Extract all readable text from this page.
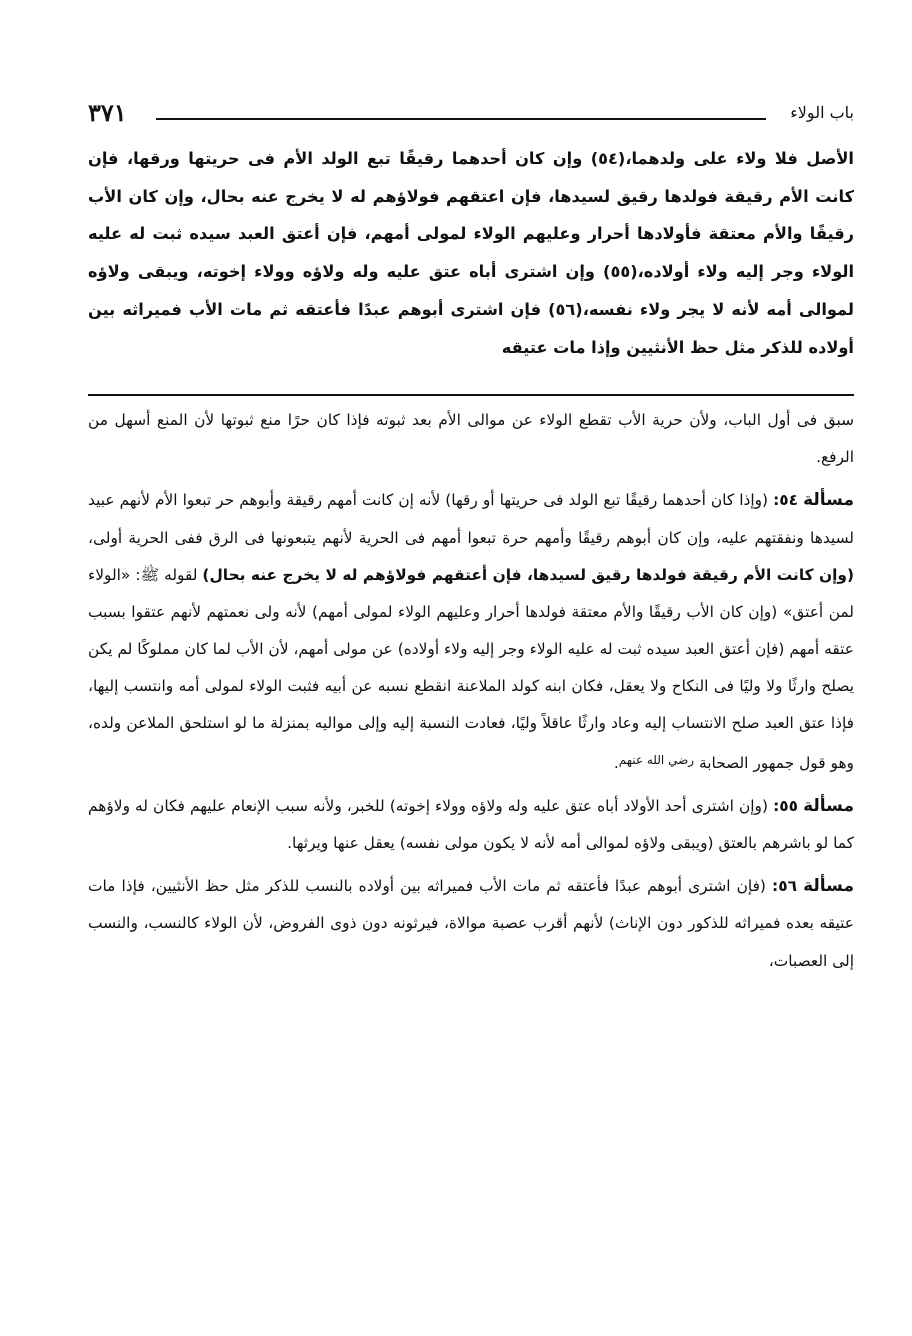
٣٧١	باب الولاء

الأصل فلا ولاء على ولدهما،(٥٤) وإن كان أحدهما رقيقًا تبع الولد الأم فى حريتها ورقها، فإن كانت الأم رقيقة فولدها رقيق لسيدها، فإن اعتقهم فولاؤهم له لا يخرج عنه بحال، وإن كان الأب رقيقًا والأم معتقة فأولادها أحرار وعليهم الولاء لمولى أمهم، فإن أعتق العبد سيده ثبت له عليه الولاء وجر إليه ولاء أولاده،(٥٥) وإن اشترى أباه عتق عليه وله ولاؤه وولاء إخوته، ويبقى ولاؤه لموالى أمه لأنه لا يجر ولاء نفسه،(٥٦) فإن اشترى أبوهم عبدًا فأعتقه ثم مات الأب فميراثه بين أولاده للذكر مثل حظ الأنثيين وإذا مات عتيقه

سبق فى أول الباب، ولأن حرية الأب تقطع الولاء عن موالى الأم بعد ثبوته فإذا كان حرًا منع ثبوتها لأن المنع أسهل من الرفع.

مسألة ٥٤: (وإذا كان أحدهما رقيقًا تبع الولد فى حريتها أو رقها) لأنه إن كانت أمهم رقيقة وأبوهم حر تبعوا الأم لأنهم عبيد لسيدها ونفقتهم عليه، وإن كان أبوهم رقيقًا وأمهم حرة تبعوا أمهم فى الحرية لأنهم يتبعونها فى الرق ففى الحرية أولى، (وإن كانت الأم رقيقة فولدها رقيق لسيدها، فإن أعتقهم فولاؤهم له لا يخرج عنه بحال) لقوله ﷺ: «الولاء لمن أعتق» (وإن كان الأب رقيقًا والأم معتقة فولدها أحرار وعليهم الولاء لمولى أمهم) لأنه ولى نعمتهم لأنهم عتقوا بسبب عتقه أمهم (فإن أعتق العبد سيده ثبت له عليه الولاء وجر إليه ولاء أولاده) عن مولى أمهم، لأن الأب لما كان مملوكًا لم يكن يصلح وارثًا ولا وليًا فى النكاح ولا يعقل، فكان ابنه كولد الملاعنة انقطع نسبه عن أبيه فثبت الولاء لمولى أمه وانتسب إليها، فإذا عتق العبد صلح الانتساب إليه وعاد وارثًا عاقلاً وليًا، فعادت النسبة إليه وإلى مواليه بمنزلة ما لو استلحق الملاعن ولده، وهو قول جمهور الصحابة $^{رضي الله عنهم}$.

مسألة ٥٥: (وإن اشترى أحد الأولاد أباه عتق عليه وله ولاؤه وولاء إخوته) للخبر، ولأنه سبب الإنعام عليهم فكان له ولاؤهم كما لو باشرهم بالعتق (ويبقى ولاؤه لموالى أمه لأنه لا يكون مولى نفسه) يعقل عنها ويرثها.

مسألة ٥٦: (فإن اشترى أبوهم عبدًا فأعتقه ثم مات الأب فميراثه بين أولاده بالنسب للذكر مثل حظ الأنثيين، فإذا مات عتيقه بعده فميراثه للذكور دون الإناث) لأنهم أقرب عصبة موالاة، فيرثونه دون ذوى الفروض، لأن الولاء كالنسب، والنسب إلى العصبات،
